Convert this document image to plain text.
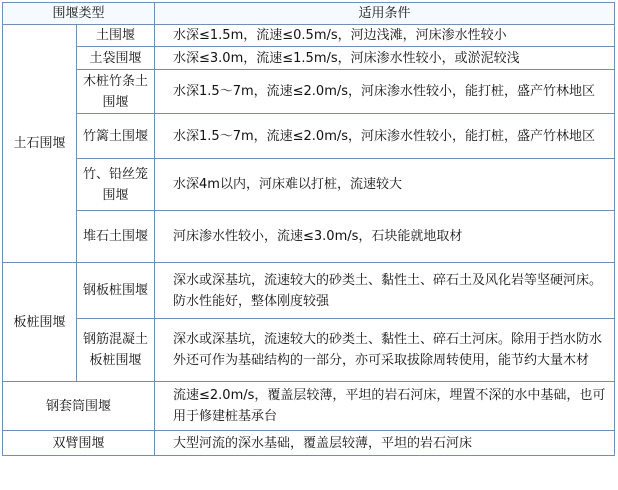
围堰类型		适用条件
土石围堰	土围堰	水深≤1.5m，流速≤0.5m/s，河边浅滩，河床渗水性较小
	土袋围堰	水深≤3.0m，流速≤1.5m/s，河床渗水性较小，或淤泥较浅
	木桩竹条土围堰	水深1.5～7m，流速≤2.0m/s，河床渗水性较小，能打桩，盛产竹林地区
	竹篱土围堰	水深1.5～7m，流速≤2.0m/s，河床渗水性较小，能打桩，盛产竹林地区
	竹、铅丝笼围堰	水深4m以内，河床难以打桩，流速较大
	堆石土围堰	河床渗水性较小，流速≤3.0m/s，石块能就地取材
板桩围堰	钢板桩围堰	深水或深基坑，流速较大的砂类土、黏性土、碎石土及风化岩等坚硬河床。防水性能好，整体刚度较强
	钢筋混凝土板桩围堰	深水或深基坑，流速较大的砂类土、黏性土、碎石土河床。除用于挡水防水外还可作为基础结构的一部分，亦可采取拔除周转使用，能节约大量木材
钢套筒围堰		流速≤2.0m/s，覆盖层较薄，平坦的岩石河床，埋置不深的水中基础，也可用于修建桩基承台
双臂围堰		大型河流的深水基础，覆盖层较薄，平坦的岩石河床
